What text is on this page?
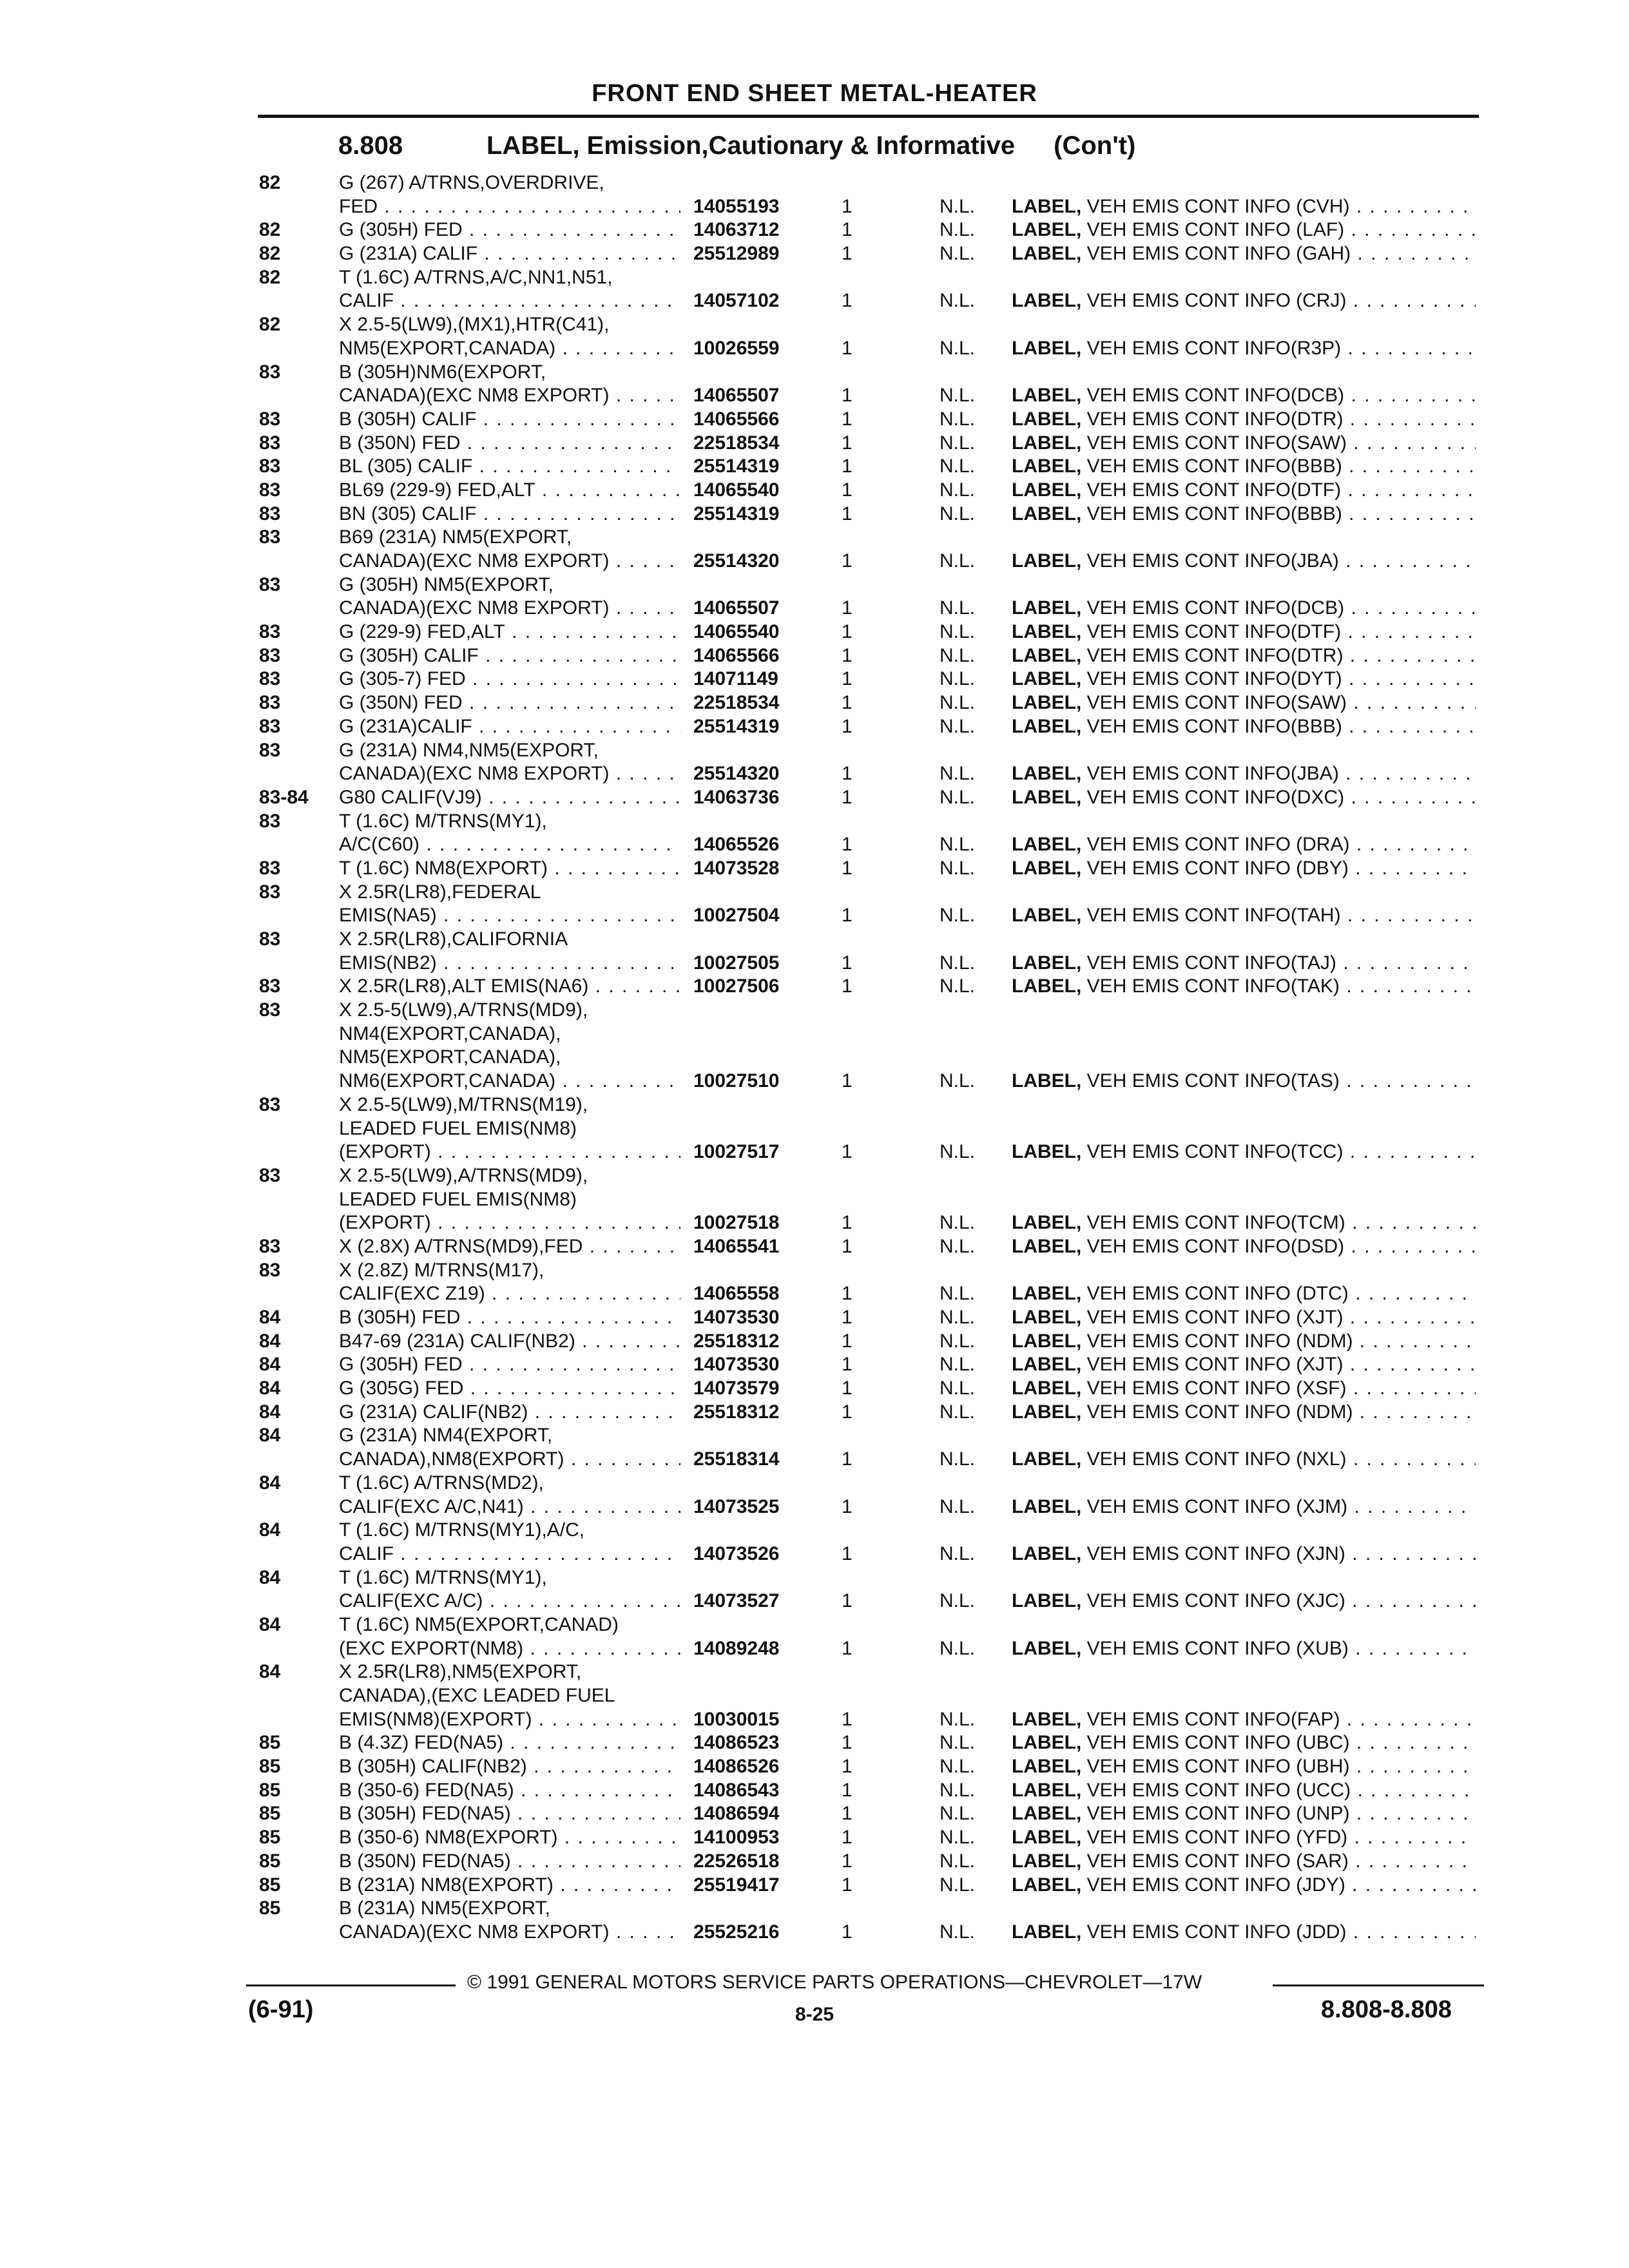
FRONT END SHEET METAL-HEATER
8.808	LABEL, Emission,Cautionary & Informative (Con't)
82	G (267) A/TRNS,OVERDRIVE,
FED . . .	14055193	1	N.L. LABEL, VEH EMIS CONT INFO (CVH) . . .
82	G (305H) FED . . .	14063712	1	N.L. LABEL, VEH EMIS CONT INFO (LAF) . . .
82	G (231A) CALIF . . .	25512989	1	N.L. LABEL, VEH EMIS CONT INFO (GAH) . . .
82	T (1.6C) A/TRNS,A/C,NN1,N51,
CALIF . . .	14057102	1	N.L. LABEL, VEH EMIS CONT INFO (CRJ) . . .
82	X 2.5-5(LW9),(MX1),HTR(C41),
NM5(EXPORT,CANADA) . . .	10026559	1	N.L. LABEL, VEH EMIS CONT INFO(R3P) . . .
83	B (305H)NM6(EXPORT,
CANADA)(EXC NM8 EXPORT) . . .	14065507	1	N.L. LABEL, VEH EMIS CONT INFO(DCB) . . .
83	B (305H) CALIF . . .	14065566	1	N.L. LABEL, VEH EMIS CONT INFO(DTR) . . .
83	B (350N) FED . . .	22518534	1	N.L. LABEL, VEH EMIS CONT INFO(SAW) . . .
83	BL (305) CALIF . . .	25514319	1	N.L. LABEL, VEH EMIS CONT INFO(BBB) . . .
83	BL69 (229-9) FED,ALT . . .	14065540	1	N.L. LABEL, VEH EMIS CONT INFO(DTF) . . .
83	BN (305) CALIF . . .	25514319	1	N.L. LABEL, VEH EMIS CONT INFO(BBB) . . .
83	B69 (231A) NM5(EXPORT,
CANADA)(EXC NM8 EXPORT) . . .	25514320	1	N.L. LABEL, VEH EMIS CONT INFO(JBA) . . .
83	G (305H) NM5(EXPORT,
CANADA)(EXC NM8 EXPORT) . . .	14065507	1	N.L. LABEL, VEH EMIS CONT INFO(DCB) . . .
83	G (229-9) FED,ALT . . .	14065540	1	N.L. LABEL, VEH EMIS CONT INFO(DTF) . . .
83	G (305H) CALIF . . .	14065566	1	N.L. LABEL, VEH EMIS CONT INFO(DTR) . . .
83	G (305-7) FED . . .	14071149	1	N.L. LABEL, VEH EMIS CONT INFO(DYT) . . .
83	G (350N) FED . . .	22518534	1	N.L. LABEL, VEH EMIS CONT INFO(SAW) . . .
83	G (231A)CALIF . . .	25514319	1	N.L. LABEL, VEH EMIS CONT INFO(BBB) . . .
83	G (231A) NM4,NM5(EXPORT,
CANADA)(EXC NM8 EXPORT) . . .	25514320	1	N.L. LABEL, VEH EMIS CONT INFO(JBA) . . .
83-84 G80 CALIF(VJ9) . . .	14063736	1	N.L. LABEL, VEH EMIS CONT INFO(DXC) . . .
83	T (1.6C) M/TRNS(MY1),
A/C(C60) . . .	14065526	1	N.L. LABEL, VEH EMIS CONT INFO (DRA) . . .
83	T (1.6C) NM8(EXPORT) . . .	14073528	1	N.L. LABEL, VEH EMIS CONT INFO (DBY) . . .
83	X 2.5R(LR8),FEDERAL
EMIS(NA5) . . .	10027504	1	N.L. LABEL, VEH EMIS CONT INFO(TAH) . . .
83	X 2.5R(LR8),CALIFORNIA
EMIS(NB2) . . .	10027505	1	N.L. LABEL, VEH EMIS CONT INFO(TAJ) . . .
83	X 2.5R(LR8),ALT EMIS(NA6) . . .	10027506	1	N.L. LABEL, VEH EMIS CONT INFO(TAK) . . .
83	X 2.5-5(LW9),A/TRNS(MD9),
NM4(EXPORT,CANADA),
NM5(EXPORT,CANADA),
NM6(EXPORT,CANADA) . . .	10027510	1	N.L. LABEL, VEH EMIS CONT INFO(TAS) . . .
83	X 2.5-5(LW9),M/TRNS(M19),
LEADED FUEL EMIS(NM8)
(EXPORT) . . .	10027517	1	N.L. LABEL, VEH EMIS CONT INFO(TCC) . . .
83	X 2.5-5(LW9),A/TRNS(MD9),
LEADED FUEL EMIS(NM8)
(EXPORT) . . .	10027518	1	N.L. LABEL, VEH EMIS CONT INFO(TCM) . . .
83	X (2.8X) A/TRNS(MD9),FED . . .	14065541	1	N.L. LABEL, VEH EMIS CONT INFO(DSD) . . .
83	X (2.8Z) M/TRNS(M17),
CALIF(EXC Z19) . . .	14065558	1	N.L. LABEL, VEH EMIS CONT INFO (DTC) . . .
84	B (305H) FED . . .	14073530	1	N.L. LABEL, VEH EMIS CONT INFO (XJT) . . .
84	B47-69 (231A) CALIF(NB2) . . .	25518312	1	N.L. LABEL, VEH EMIS CONT INFO (NDM) . . .
84	G (305H) FED . . .	14073530	1	N.L. LABEL, VEH EMIS CONT INFO (XJT) . . .
84	G (305G) FED . . .	14073579	1	N.L. LABEL, VEH EMIS CONT INFO (XSF) . . .
84	G (231A) CALIF(NB2) . . .	25518312	1	N.L. LABEL, VEH EMIS CONT INFO (NDM) . . .
84	G (231A) NM4(EXPORT,
CANADA),NM8(EXPORT) . . .	25518314	1	N.L. LABEL, VEH EMIS CONT INFO (NXL) . . .
84	T (1.6C) A/TRNS(MD2),
CALIF(EXC A/C,N41) . . .	14073525	1	N.L. LABEL, VEH EMIS CONT INFO (XJM) . . .
84	T (1.6C) M/TRNS(MY1),A/C,
CALIF . . .	14073526	1	N.L. LABEL, VEH EMIS CONT INFO (XJN) . . .
84	T (1.6C) M/TRNS(MY1),
CALIF(EXC A/C) . . .	14073527	1	N.L. LABEL, VEH EMIS CONT INFO (XJC) . . .
84	T (1.6C) NM5(EXPORT,CANAD)
(EXC EXPORT(NM8) . . .	14089248	1	N.L. LABEL, VEH EMIS CONT INFO (XUB) . . .
84	X 2.5R(LR8),NM5(EXPORT,
CANADA),(EXC LEADED FUEL
EMIS(NM8)(EXPORT) . . .	10030015	1	N.L. LABEL, VEH EMIS CONT INFO(FAP) . . .
85	B (4.3Z) FED(NA5) . . .	14086523	1	N.L. LABEL, VEH EMIS CONT INFO (UBC) . . .
85	B (305H) CALIF(NB2) . . .	14086526	1	N.L. LABEL, VEH EMIS CONT INFO (UBH) . . .
85	B (350-6) FED(NA5) . . .	14086543	1	N.L. LABEL, VEH EMIS CONT INFO (UCC) . . .
85	B (305H) FED(NA5) . . .	14086594	1	N.L. LABEL, VEH EMIS CONT INFO (UNP) . . .
85	B (350-6) NM8(EXPORT) . . .	14100953	1	N.L. LABEL, VEH EMIS CONT INFO (YFD) . . .
85	B (350N) FED(NA5) . . .	22526518	1	N.L. LABEL, VEH EMIS CONT INFO (SAR) . . .
85	B (231A) NM8(EXPORT) . . .	25519417	1	N.L. LABEL, VEH EMIS CONT INFO (JDY) . . .
85	B (231A) NM5(EXPORT,
CANADA)(EXC NM8 EXPORT) . . .	25525216	1	N.L. LABEL, VEH EMIS CONT INFO (JDD) . . .
© 1991 GENERAL MOTORS SERVICE PARTS OPERATIONS—CHEVROLET—17W
(6-91)	8-25	8.808-8.808
